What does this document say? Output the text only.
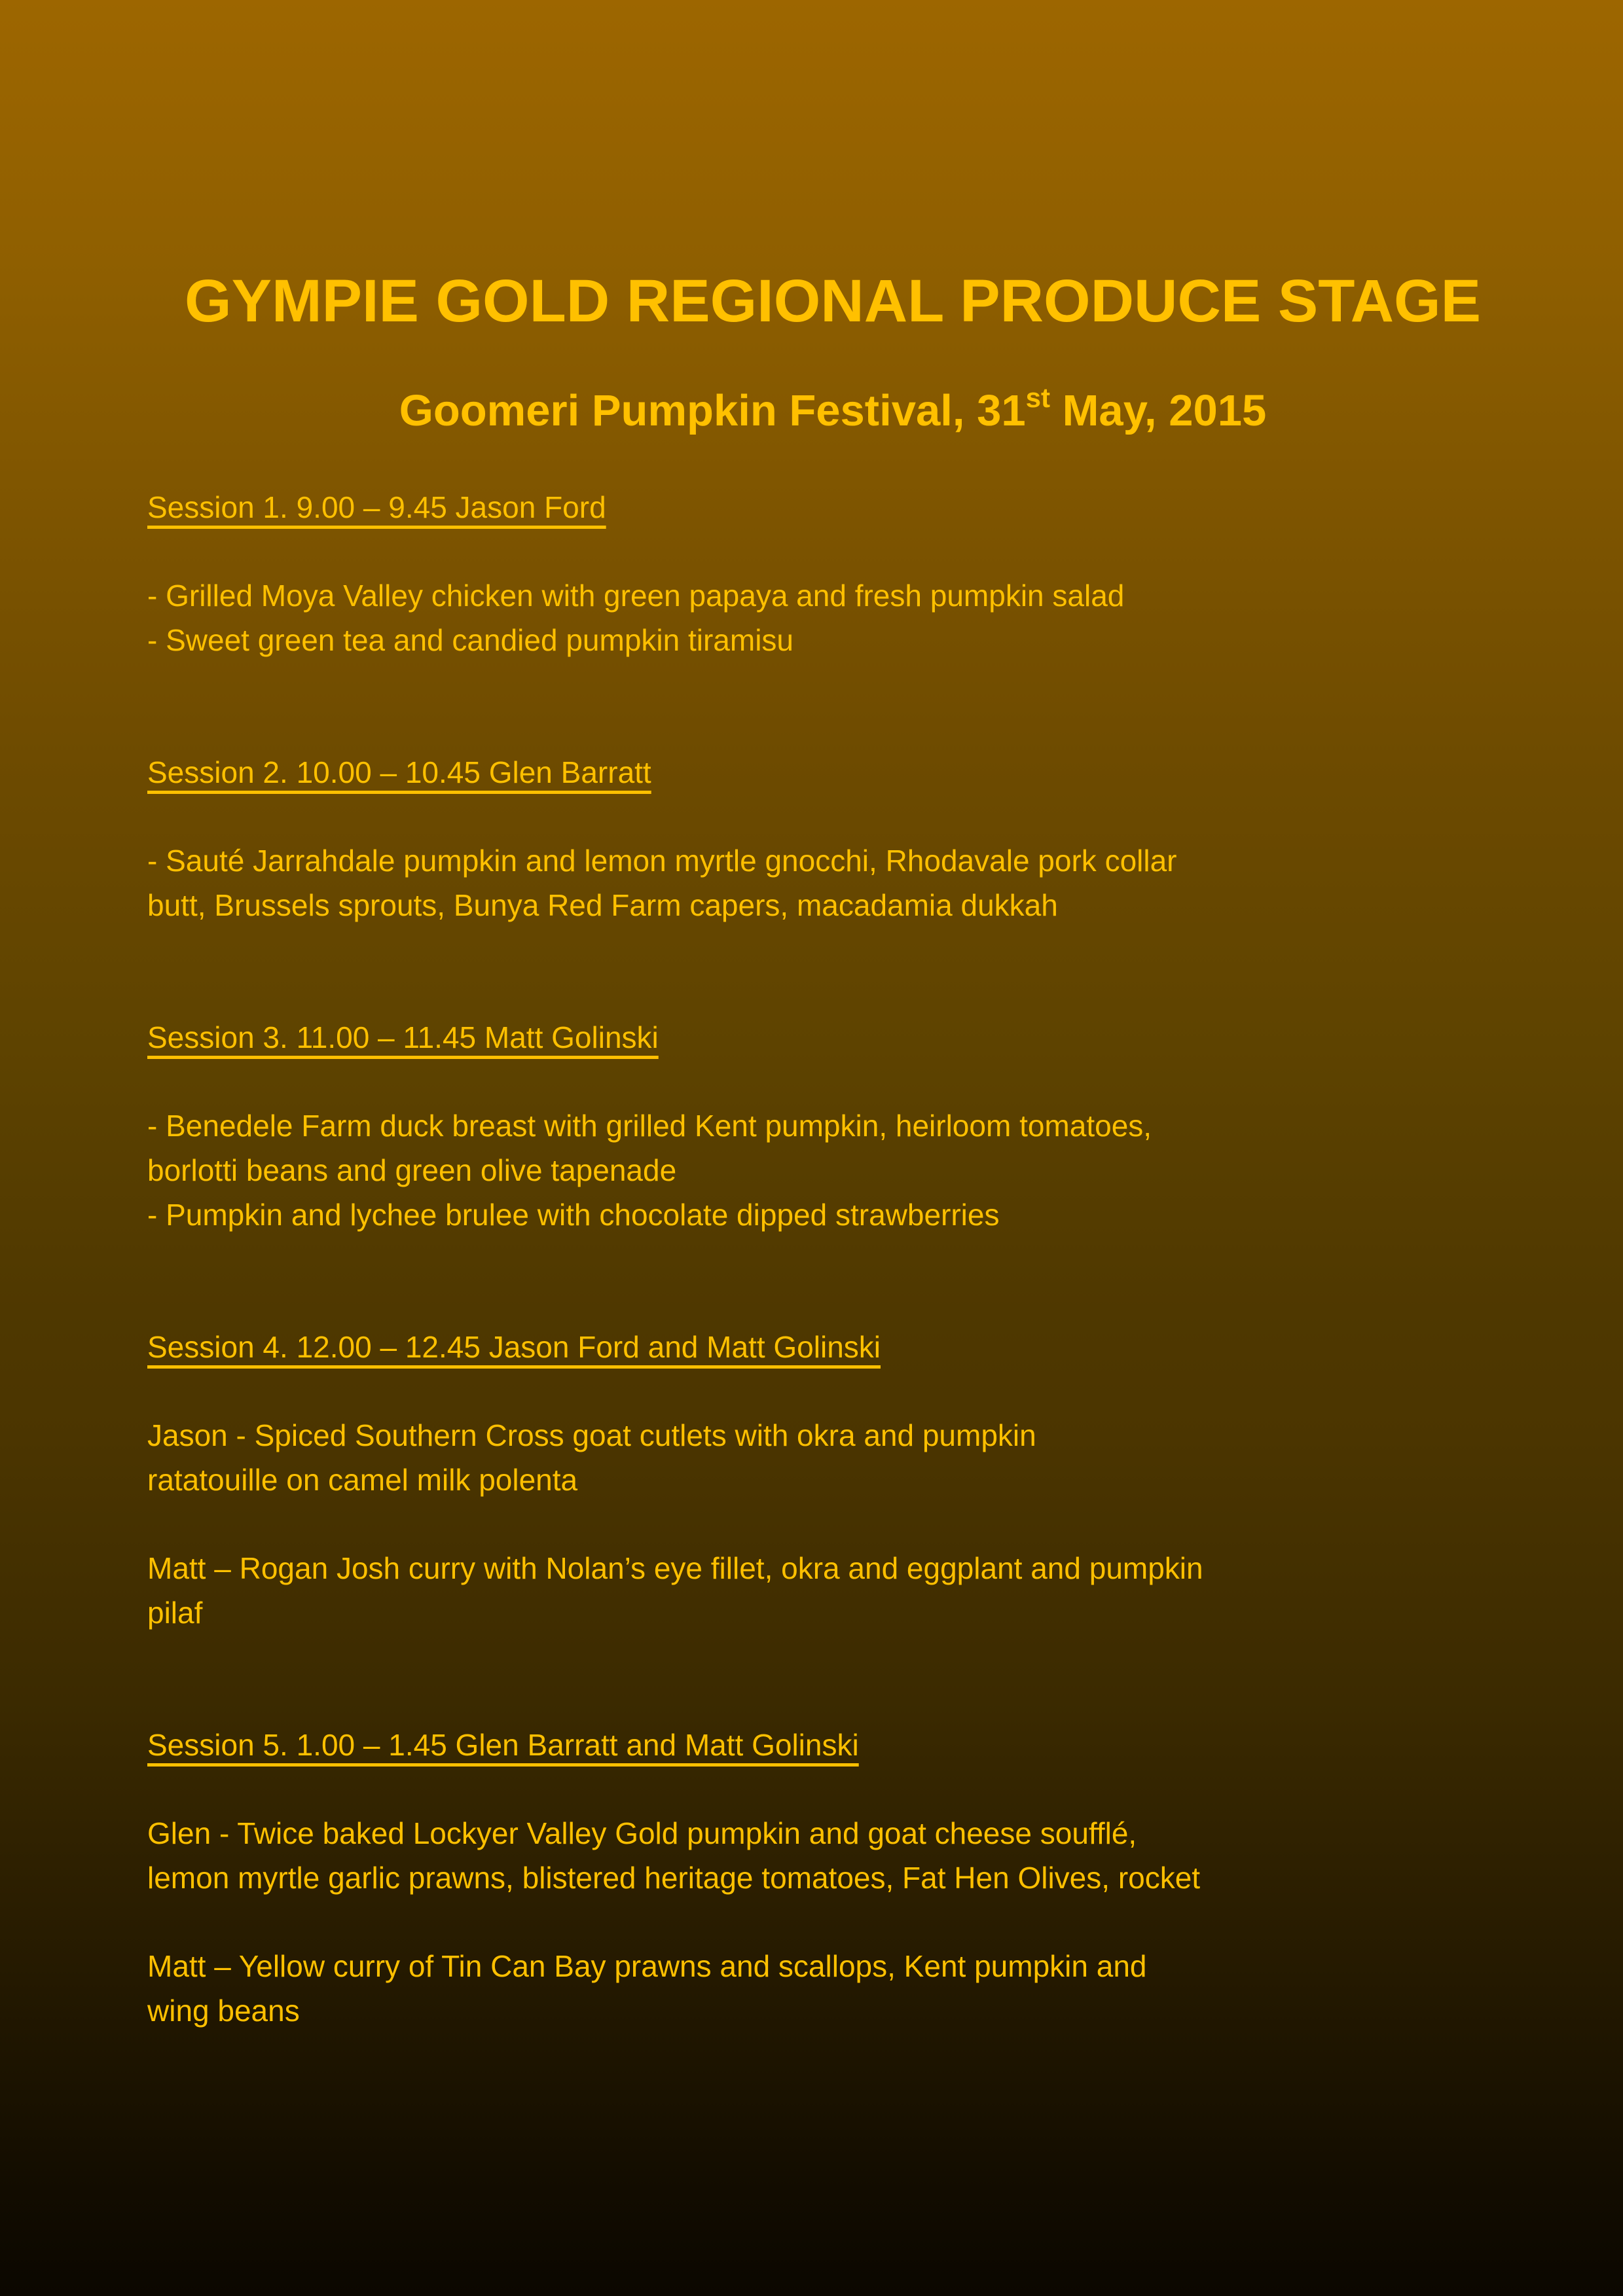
GYMPIE GOLD REGIONAL PRODUCE STAGE
Goomeri Pumpkin Festival, 31st May, 2015
Session 1. 9.00 – 9.45 Jason Ford
- Grilled Moya Valley chicken with green papaya and fresh pumpkin salad
- Sweet green tea and candied pumpkin tiramisu
Session 2. 10.00 – 10.45 Glen Barratt
- Sauté Jarrahdale pumpkin and lemon myrtle gnocchi, Rhodavale pork collar
butt, Brussels sprouts, Bunya Red Farm capers, macadamia dukkah
Session 3. 11.00 – 11.45 Matt Golinski
- Benedele Farm duck breast with grilled Kent pumpkin, heirloom tomatoes,
borlotti beans and green olive tapenade
- Pumpkin and lychee brulee with chocolate dipped strawberries
Session 4. 12.00 – 12.45 Jason Ford and Matt Golinski
Jason - Spiced Southern Cross goat cutlets with okra and pumpkin
ratatouille on camel milk polenta
Matt – Rogan Josh curry with Nolan’s eye fillet, okra and eggplant and pumpkin
pilaf
Session 5. 1.00 – 1.45 Glen Barratt and Matt Golinski
Glen - Twice baked Lockyer Valley Gold pumpkin and goat cheese soufflé,
lemon myrtle garlic prawns, blistered heritage tomatoes, Fat Hen Olives, rocket
Matt – Yellow curry of Tin Can Bay prawns and scallops, Kent pumpkin and
wing beans
